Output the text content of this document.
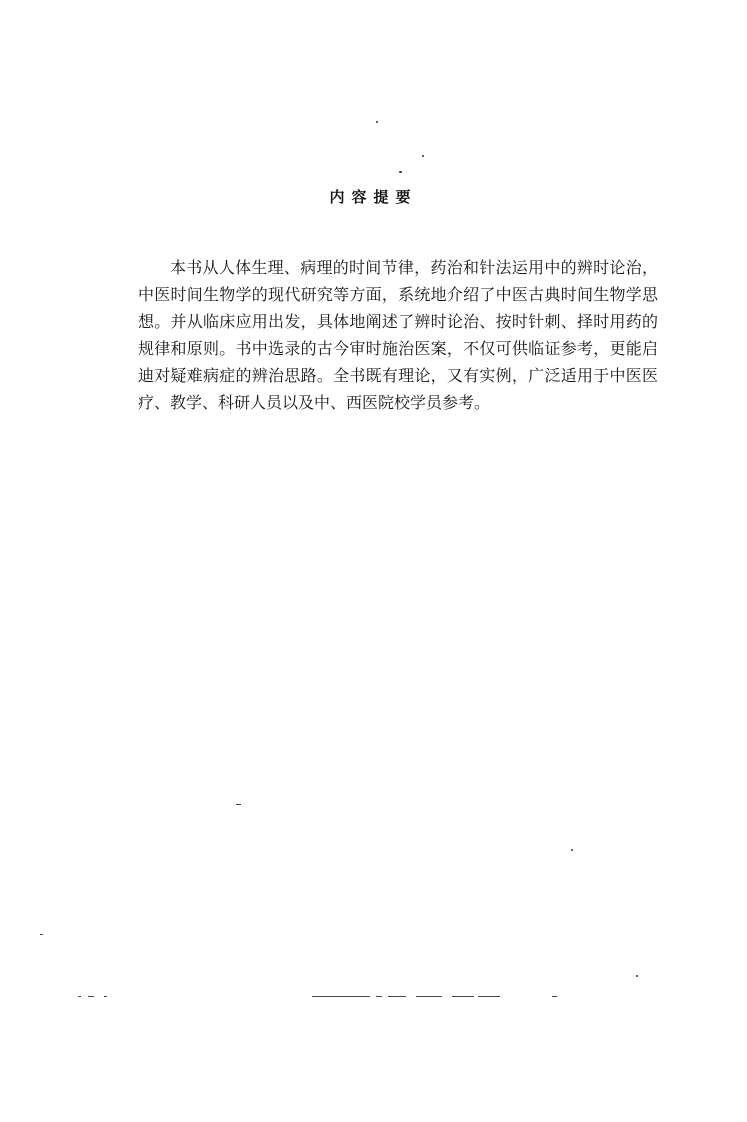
内容提要

本书从人体生理、病理的时间节律，药治和针法运用中的辨时论治，中医时间生物学的现代研究等方面，系统地介绍了中医古典时间生物学思想。并从临床应用出发，具体地阐述了辨时论治、按时针刺、择时用药的规律和原则。书中选录的古今审时施治医案，不仅可供临证参考，更能启迪对疑难病症的辨治思路。全书既有理论，又有实例，广泛适用于中医医疗、教学、科研人员以及中、西医院校学员参考。
